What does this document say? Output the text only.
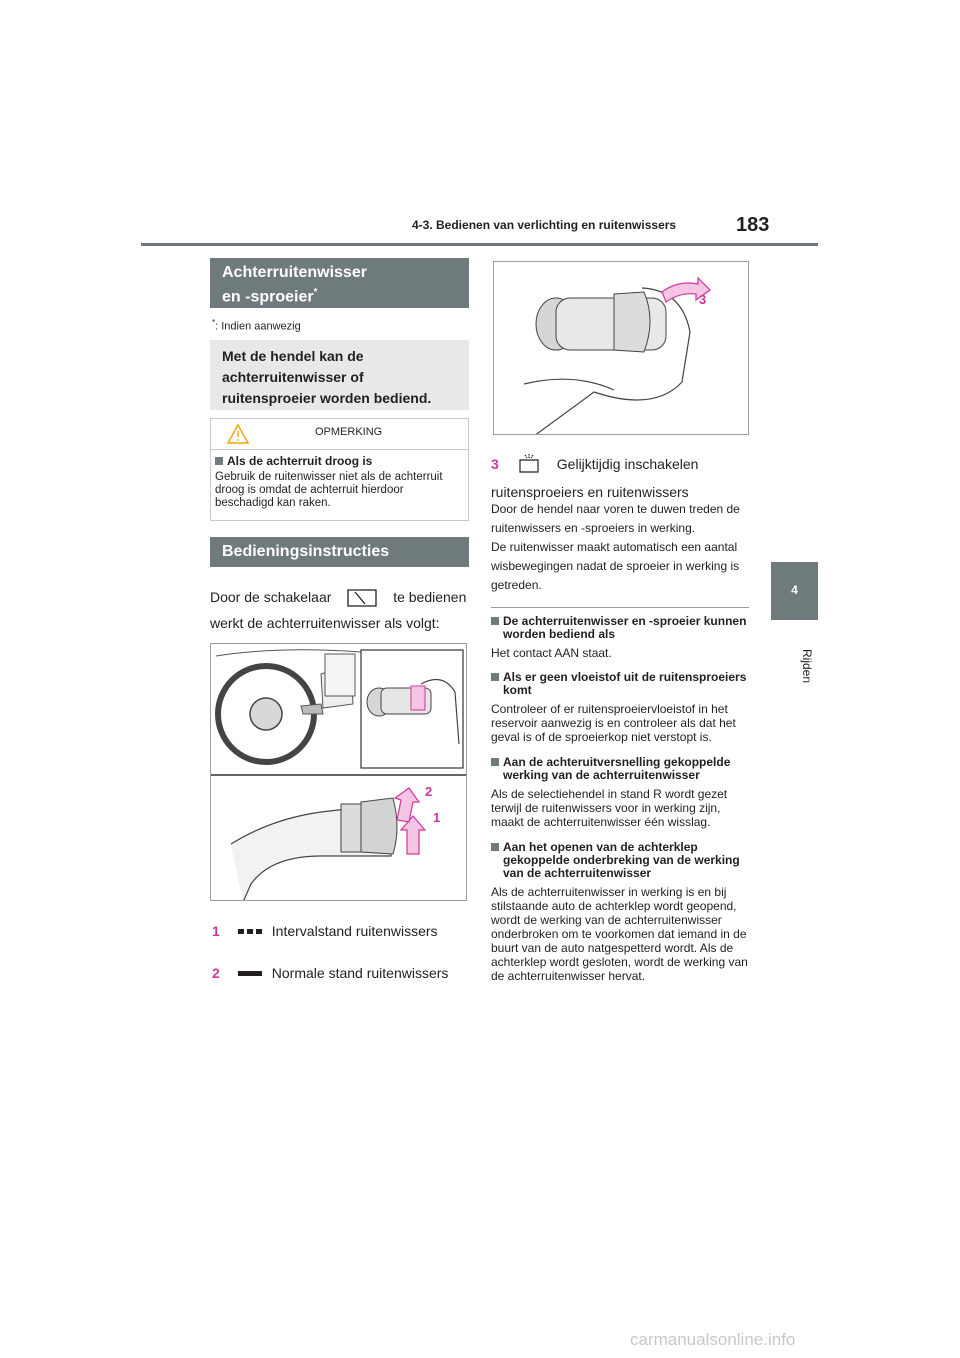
4-3. Bedienen van verlichting en ruitenwissers	183
4
Rijden
Achterruitenwisser
en -sproeier*
*: Indien aanwezig
Met de hendel kan de achterruitenwisser of ruitensproeier worden bediend.
OPMERKING
Als de achterruit droog is
Gebruik de ruitenwisser niet als de achterruit droog is omdat de achterruit hierdoor beschadigd kan raken.
Bedieningsinstructies
Door de schakelaar	te bedienen werkt de achterruitenwisser als volgt:
2
1
1	Intervalstand ruitenwissers
2	Normale stand ruitenwissers
3
3	Gelijktijdig inschakelen ruitensproeiers en ruitenwissers
Door de hendel naar voren te duwen treden de ruitenwissers en -sproeiers in werking.
De ruitenwisser maakt automatisch een aantal wisbewegingen nadat de sproeier in werking is getreden.
De achterruitenwisser en -sproeier kunnen worden bediend als
Het contact AAN staat.
Als er geen vloeistof uit de ruitensproeiers komt
Controleer of er ruitensproeiervloeistof in het reservoir aanwezig is en controleer als dat het geval is of de sproeierkop niet verstopt is.
Aan de achteruitversnelling gekoppelde werking van de achterruitenwisser
Als de selectiehendel in stand R wordt gezet terwijl de ruitenwissers voor in werking zijn, maakt de achterruitenwisser één wisslag.
Aan het openen van de achterklep gekoppelde onderbreking van de werking van de achterruitenwisser
Als de achterruitenwisser in werking is en bij stilstaande auto de achterklep wordt geopend, wordt de werking van de achterruitenwisser onderbroken om te voorkomen dat iemand in de buurt van de auto natgespetterd wordt. Als de achterklep wordt gesloten, wordt de werking van de achterruitenwisser hervat.
carmanualsonline.info
